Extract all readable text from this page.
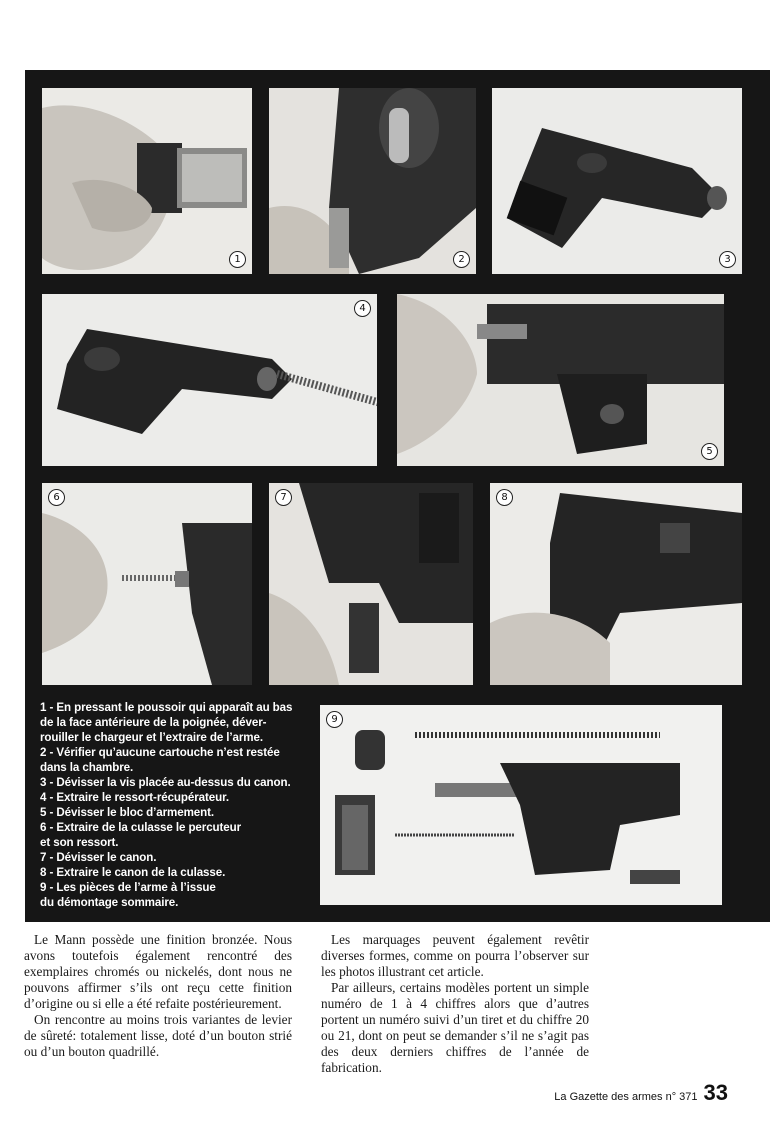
1	2	3
4
5
6	7	8
9
1 - En pressant le poussoir qui apparaît au bas
de la face antérieure de la poignée, déver-
rouiller le chargeur et l’extraire de l’arme.
2 - Vérifier qu’aucune cartouche n’est restée
dans la chambre.
3 - Dévisser la vis placée au-dessus du canon.
4 - Extraire le ressort-récupérateur.
5 - Dévisser le bloc d’armement.
6 - Extraire de la culasse le percuteur
et son ressort.
7 - Dévisser le canon.
8 - Extraire le canon de la culasse.
9 - Les pièces de l’arme à l’issue
du démontage sommaire.

Le Mann possède une finition bronzée. Nous avons toutefois également rencontré des exemplaires chromés ou nickelés, dont nous ne pouvons affirmer s’ils ont reçu cette finition d’origine ou si elle a été refaite postérieurement.

On rencontre au moins trois variantes de levier de sûreté: totalement lisse, doté d’un bouton strié ou d’un bouton quadrillé.

Les marquages peuvent également revêtir diverses formes, comme on pourra l’observer sur les photos illustrant cet article.

Par ailleurs, certains modèles portent un simple numéro de 1 à 4 chiffres alors que d’autres portent un numéro suivi d’un tiret et du chiffre 20 ou 21, dont on peut se demander s’il ne s’agit pas des deux derniers chiffres de l’année de fabrication.

La Gazette des armes n° 371 33
